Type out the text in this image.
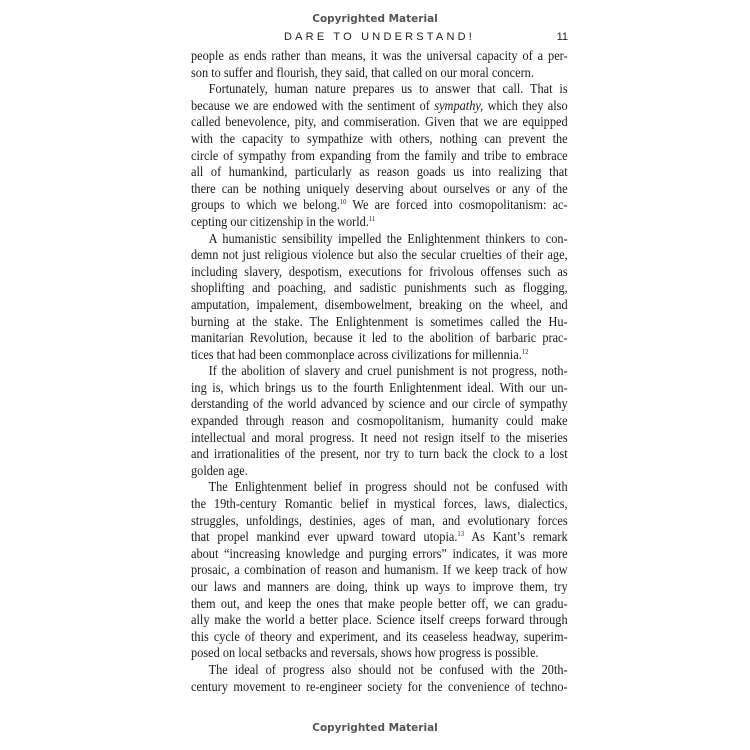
Copyrighted Material
DARE TO UNDERSTAND!	11
people as ends rather than means, it was the universal capacity of a per-
son to suffer and flourish, they said, that called on our moral concern.
Fortunately, human nature prepares us to answer that call. That is
because we are endowed with the sentiment of sympathy, which they also
called benevolence, pity, and commiseration. Given that we are equipped
with the capacity to sympathize with others, nothing can prevent the
circle of sympathy from expanding from the family and tribe to embrace
all of humankind, particularly as reason goads us into realizing that
there can be nothing uniquely deserving about ourselves or any of the
groups to which we belong.$^{10}$ We are forced into cosmopolitanism: ac-
cepting our citizenship in the world.$^{11}$
A humanistic sensibility impelled the Enlightenment thinkers to con-
demn not just religious violence but also the secular cruelties of their age,
including slavery, despotism, executions for frivolous offenses such as
shoplifting and poaching, and sadistic punishments such as flogging,
amputation, impalement, disembowelment, breaking on the wheel, and
burning at the stake. The Enlightenment is sometimes called the Hu-
manitarian Revolution, because it led to the abolition of barbaric prac-
tices that had been commonplace across civilizations for millennia.$^{12}$
If the abolition of slavery and cruel punishment is not progress, noth-
ing is, which brings us to the fourth Enlightenment ideal. With our un-
derstanding of the world advanced by science and our circle of sympathy
expanded through reason and cosmopolitanism, humanity could make
intellectual and moral progress. It need not resign itself to the miseries
and irrationalities of the present, nor try to turn back the clock to a lost
golden age.
The Enlightenment belief in progress should not be confused with
the 19th-century Romantic belief in mystical forces, laws, dialectics,
struggles, unfoldings, destinies, ages of man, and evolutionary forces
that propel mankind ever upward toward utopia.$^{13}$ As Kant’s remark
about “increasing knowledge and purging errors” indicates, it was more
prosaic, a combination of reason and humanism. If we keep track of how
our laws and manners are doing, think up ways to improve them, try
them out, and keep the ones that make people better off, we can gradu-
ally make the world a better place. Science itself creeps forward through
this cycle of theory and experiment, and its ceaseless headway, superim-
posed on local setbacks and reversals, shows how progress is possible.
The ideal of progress also should not be confused with the 20th-
century movement to re-engineer society for the convenience of techno-
Copyrighted Material
